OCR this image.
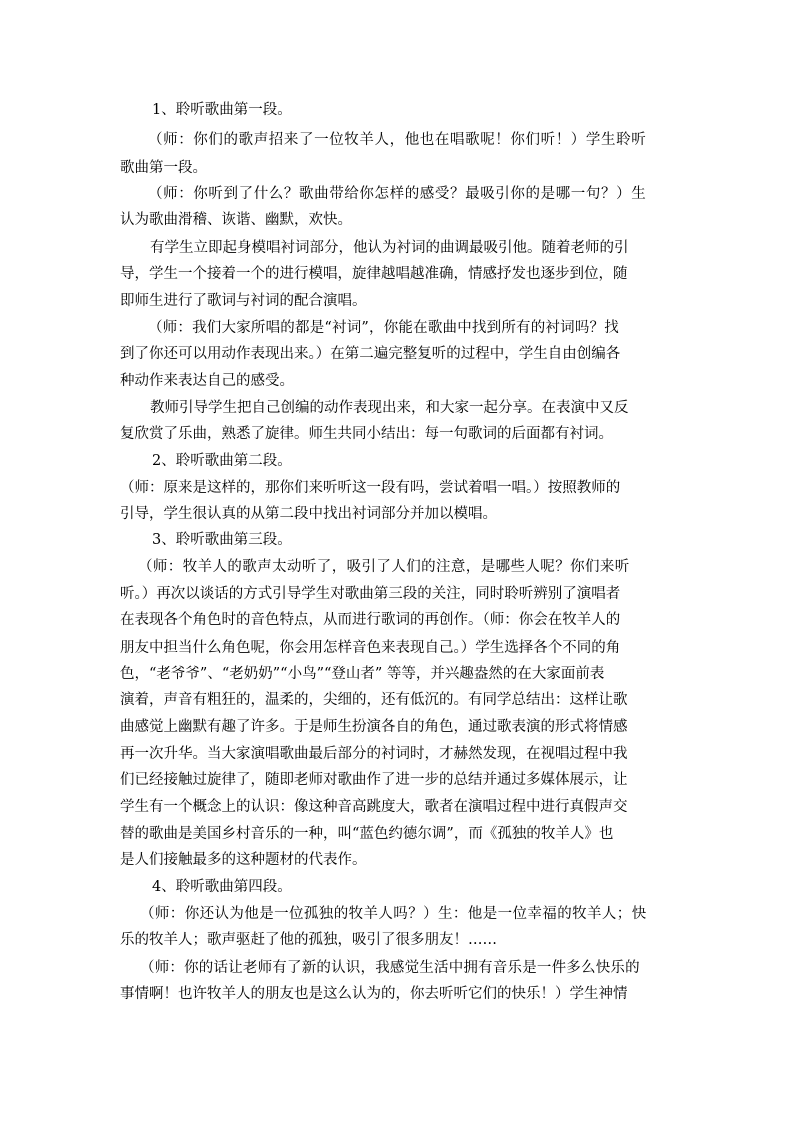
1、聆听歌曲第一段。
（师：你们的歌声招来了一位牧羊人，他也在唱歌呢！你们听！）学生聆听
歌曲第一段。
（师：你听到了什么？歌曲带给你怎样的感受？最吸引你的是哪一句？）生
认为歌曲滑稽、诙谐、幽默，欢快。
有学生立即起身模唱衬词部分，他认为衬词的曲调最吸引他。随着老师的引
导，学生一个接着一个的进行模唱，旋律越唱越准确，情感抒发也逐步到位，随
即师生进行了歌词与衬词的配合演唱。
（师：我们大家所唱的都是“衬词”，你能在歌曲中找到所有的衬词吗？找
到了你还可以用动作表现出来。）在第二遍完整复听的过程中，学生自由创编各
种动作来表达自己的感受。
教师引导学生把自己创编的动作表现出来，和大家一起分享。在表演中又反
复欣赏了乐曲，熟悉了旋律。师生共同小结出：每一句歌词的后面都有衬词。
2、聆听歌曲第二段。
（师：原来是这样的，那你们来听听这一段有吗，尝试着唱一唱。）按照教师的
引导，学生很认真的从第二段中找出衬词部分并加以模唱。
3、聆听歌曲第三段。
（师：牧羊人的歌声太动听了，吸引了人们的注意，是哪些人呢？你们来听
听。）再次以谈话的方式引导学生对歌曲第三段的关注，同时聆听辨别了演唱者
在表现各个角色时的音色特点，从而进行歌词的再创作。（师：你会在牧羊人的
朋友中担当什么角色呢，你会用怎样音色来表现自己。）学生选择各个不同的角
色，“老爷爷”、“老奶奶”“小鸟”“登山者” 等等，并兴趣盎然的在大家面前表
演着，声音有粗狂的，温柔的，尖细的，还有低沉的。有同学总结出：这样让歌
曲感觉上幽默有趣了许多。于是师生扮演各自的角色，通过歌表演的形式将情感
再一次升华。当大家演唱歌曲最后部分的衬词时，才赫然发现，在视唱过程中我
们已经接触过旋律了，随即老师对歌曲作了进一步的总结并通过多媒体展示，让
学生有一个概念上的认识：像这种音高跳度大，歌者在演唱过程中进行真假声交
替的歌曲是美国乡村音乐的一种，叫“蓝色约德尔调”，而《孤独的牧羊人》也
是人们接触最多的这种题材的代表作。
4、聆听歌曲第四段。
（师：你还认为他是一位孤独的牧羊人吗？）生：他是一位幸福的牧羊人；快
乐的牧羊人；歌声驱赶了他的孤独，吸引了很多朋友！……
（师：你的话让老师有了新的认识，我感觉生活中拥有音乐是一件多么快乐的
事情啊！也许牧羊人的朋友也是这么认为的，你去听听它们的快乐！）学生神情
